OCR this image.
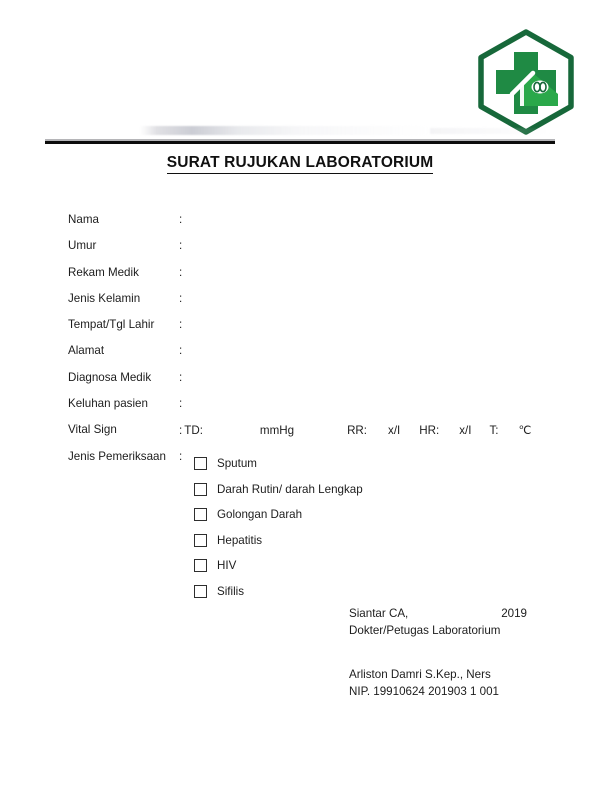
SURAT RUJUKAN LABORATORIUM
Nama	:
Umur	:
Rekam Medik	:
Jenis Kelamin	:
Tempat/Tgl Lahir	:
Alamat	:
Diagnosa Medik	:
Keluhan pasien	:
Vital Sign	: TD:	mmHg	RR: x/I HR: x/I T: ℃
Jenis Pemeriksaan	:
Sputum
Darah Rutin/ darah Lengkap
Golongan Darah
Hepatitis
HIV
Sifilis
Siantar CA,	2019
Dokter/Petugas Laboratorium
Arliston Damri S.Kep., Ners
NIP. 19910624 201903 1 001
